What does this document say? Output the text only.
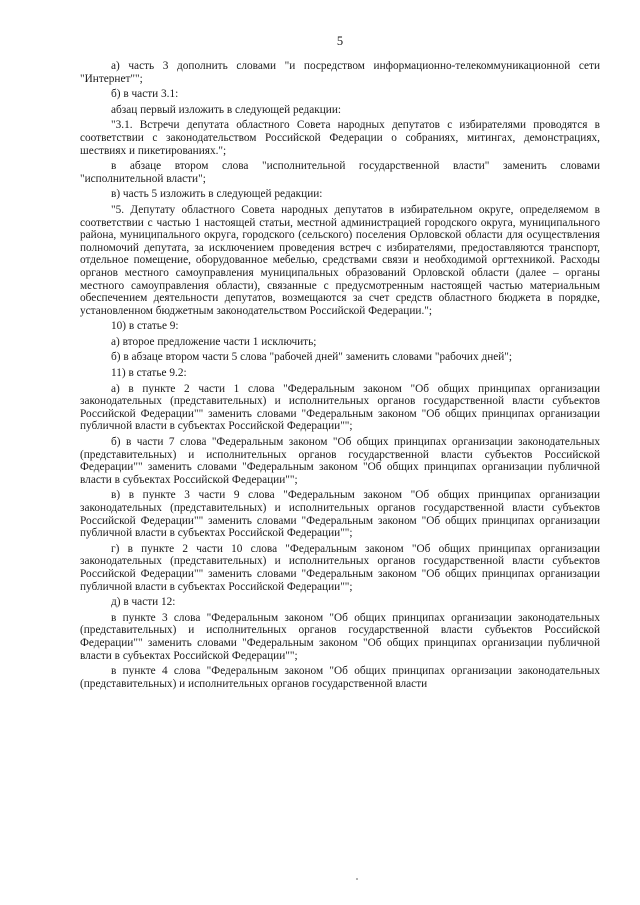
5

а) часть 3 дополнить словами "и посредством информационно-телекоммуникационной сети "Интернет"";

б) в части 3.1:

абзац первый изложить в следующей редакции:

"3.1. Встречи депутата областного Совета народных депутатов с избирателями проводятся в соответствии с законодательством Российской Федерации о собраниях, митингах, демонстрациях, шествиях и пикетированиях.";

в абзаце втором слова "исполнительной государственной власти" заменить словами "исполнительной власти";

в) часть 5 изложить в следующей редакции:

"5. Депутату областного Совета народных депутатов в избирательном округе, определяемом в соответствии с частью 1 настоящей статьи, местной администрацией городского округа, муниципального района, муниципального округа, городского (сельского) поселения Орловской области для осуществления полномочий депутата, за исключением проведения встреч с избирателями, предоставляются транспорт, отдельное помещение, оборудованное мебелью, средствами связи и необходимой оргтехникой. Расходы органов местного самоуправления муниципальных образований Орловской области (далее – органы местного самоуправления области), связанные с предусмотренным настоящей частью материальным обеспечением деятельности депутатов, возмещаются за счет средств областного бюджета в порядке, установленном бюджетным законодательством Российской Федерации.";

10) в статье 9:

а) второе предложение части 1 исключить;

б) в абзаце втором части 5 слова "рабочей дней" заменить словами "рабочих дней";

11) в статье 9.2:

а) в пункте 2 части 1 слова "Федеральным законом "Об общих принципах организации законодательных (представительных) и исполнительных органов государственной власти субъектов Российской Федерации"" заменить словами "Федеральным законом "Об общих принципах организации публичной власти в субъектах Российской Федерации"";

б) в части 7 слова "Федеральным законом "Об общих принципах организации законодательных (представительных) и исполнительных органов государственной власти субъектов Российской Федерации"" заменить словами "Федеральным законом "Об общих принципах организации публичной власти в субъектах Российской Федерации"";

в) в пункте 3 части 9 слова "Федеральным законом "Об общих принципах организации законодательных (представительных) и исполнительных органов государственной власти субъектов Российской Федерации"" заменить словами "Федеральным законом "Об общих принципах организации публичной власти в субъектах Российской Федерации"";

г) в пункте 2 части 10 слова "Федеральным законом "Об общих принципах организации законодательных (представительных) и исполнительных органов государственной власти субъектов Российской Федерации"" заменить словами "Федеральным законом "Об общих принципах организации публичной власти в субъектах Российской Федерации"";

д) в части 12:

в пункте 3 слова "Федеральным законом "Об общих принципах организации законодательных (представительных) и исполнительных органов государственной власти субъектов Российской Федерации"" заменить словами "Федеральным законом "Об общих принципах организации публичной власти в субъектах Российской Федерации"";

в пункте 4 слова "Федеральным законом "Об общих принципах организации законодательных (представительных) и исполнительных органов государственной власти
